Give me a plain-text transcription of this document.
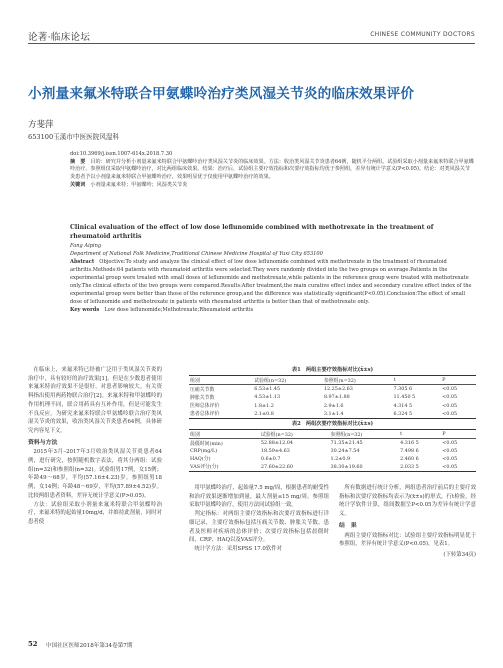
论著·临床论坛	CHINESE COMMUNITY DOCTORS
小剂量来氟米特联合甲氨蝶呤治疗类风湿关节炎的临床效果评价
方斐萍
653100玉溪市中医医院风湿科

doi:10.3969/j.issn.1007-614x.2018.7.30

摘　要　 目的：研究并分析小剂量来氟米特联合甲氨蝶呤治疗类风湿关节炎的临床效果。方法：收治类风湿关节炎患者64例，随机平分两组。试验组采取小剂量来氟米特联合甲氨蝶呤治疗，参照组仅采取甲氨蝶呤治疗，对比两组临床效果。结果：治疗后，试验组主要疗效指标和次要疗效指标均优于参照组，差异有统计学意义(P<0.05)。结论：对类风湿关节炎患者予以小剂量来氟米特联合甲氨蝶呤治疗，效果明显优于仅使用甲氨蝶呤治疗的效果。

关键词　 小剂量来氟米特；甲氨蝶呤；风湿类关节炎

Clinical evaluation of the effect of low dose leflunomide combined with methotrexate in the treatment of rheumatoid arthritis

Fang Aiping

Department of National Folk Medicine,Traditional Chinese Medicine Hospital of Yuxi City 653100

Abstract　 Objective:To study and analyze the clinical effect of low dose leflunomide combined with methotrexate in the treatment of rheumatoid arthritis.Methods:64 patients with rheumatoid arthritis were selected.They were randomly divided into the two groups on average.Patients in the experimental group were treated with small doses of leflunomide and methotrexate,while patients in the reference group were treated with methotrexate only.The clinical effects of the two groups were compared.Results:After treatment,the main curative effect index and secondary curative effect index of the experimental group were better than those of the reference group,and the difference was statistically significant(P<0.05).Conclusion:The effect of small dose of leflunomide and methotrexate in patients with rheumatoid arthritis is better than that of methotrexate only.

Key words　 Low dose leflunomide;Methotrexate;Rheumatoid arthritis

在临床上，来氟米特已经被广泛用于类风湿关节炎的治疗中，具有较好的治疗效果[1]。但是在少数患者使用来氟米特治疗效果不是很好，对患者影响较大。有关资料指出使用两药物联合治疗[2]。来氟米特和甲氨蝶呤的作用机理不同，联合用药具有互补作用，但是可能发生不良反应。为研究来氟米特联合甲氨蝶呤联合治疗类风湿关节炎的效果，收治类风湿关节炎患者64例，具体研究内容见下文。

资料与方法

2015年3月–2017年3月收治类风湿关节炎患者64例，进行研究，按照随机数字表法，将其分两组：试验组(n=32)和参照组(n=32)。试验组男17例，女15例；年龄49～68岁，平均(57.16±4.23)岁。参照组男18例，女14例；年龄48～69岁，平均(57.89±4.52)岁。比较两组患者资料，差异无统计学意义(P>0.05)。

方法：试验组采取小剂量来氟米特联合甲氨蝶呤治疗，来氟米特的起始量10mg/d，并维持此剂量，同时对患者使

表1　两组主要疗效指标对比(x̄±s)
组别	试验组(n=32)	参照组(n=32)	t	P
压痛关节数	6.53±1.45	12.25±2.63	7.305 6	<0.05
肿胀关节数	4.53±1.13	8.97±1.88	11.450 5	<0.05
医师总体评价	1.8±1.2	2.9±1.6	4.314 5	<0.05
患者总体评价	2.1±0.8	3.1±1.4	6.324 5	<0.05
表2　两组次要疗效指标对比(x̄±s)
组别	试验组(n=32)	参照组(n=32)	t	P
晨僵时间(min)	52.88±12.04	71.35±21.45	4.316 5	<0.05
CRP(mg/L)	18.59±4.63	30.24±7.54	7.498 6	<0.05
HAQ(分)	0.6±0.7	1.2±0.9	2.460 6	<0.05
VAS评分(分)	27.60±22.60	38.30±19.60	2.033 5	<0.05

用甲氨蝶呤治疗，起始量7.5 mg/周，根据患者的耐受性和治疗效果逐渐增加到量，最大剂量≤15 mg/周。参照组采取甲氨蝶呤治疗，使用方法同试验组一致。

判定指标：对两组主要疗效指标和次要疗效指标进行详细记录，主要疗效指标包括压痛关节数、肿胀关节数、患者及医师对疾病的总体评价；次要疗效指标包括晨僵时间、CRP、HAQ以及VAS评分。

统计学方法：采用SPSS 17.0软件对

所有数据进行统计分析，两组患者治疗前后的主要疗效指标和次要疗效指标均表示为(x̄±s)的形式，行t检验，经统计学软件计算，组间数据呈P<0.05为差异有统计学意义。

结　果

两组主要疗效指标对比：试验组主要疗效指标明显优于参照组，差异有统计学意义(P<0.05)，见表1。

(下转第34页)
52 中国社区医师2018年第34卷第7期
